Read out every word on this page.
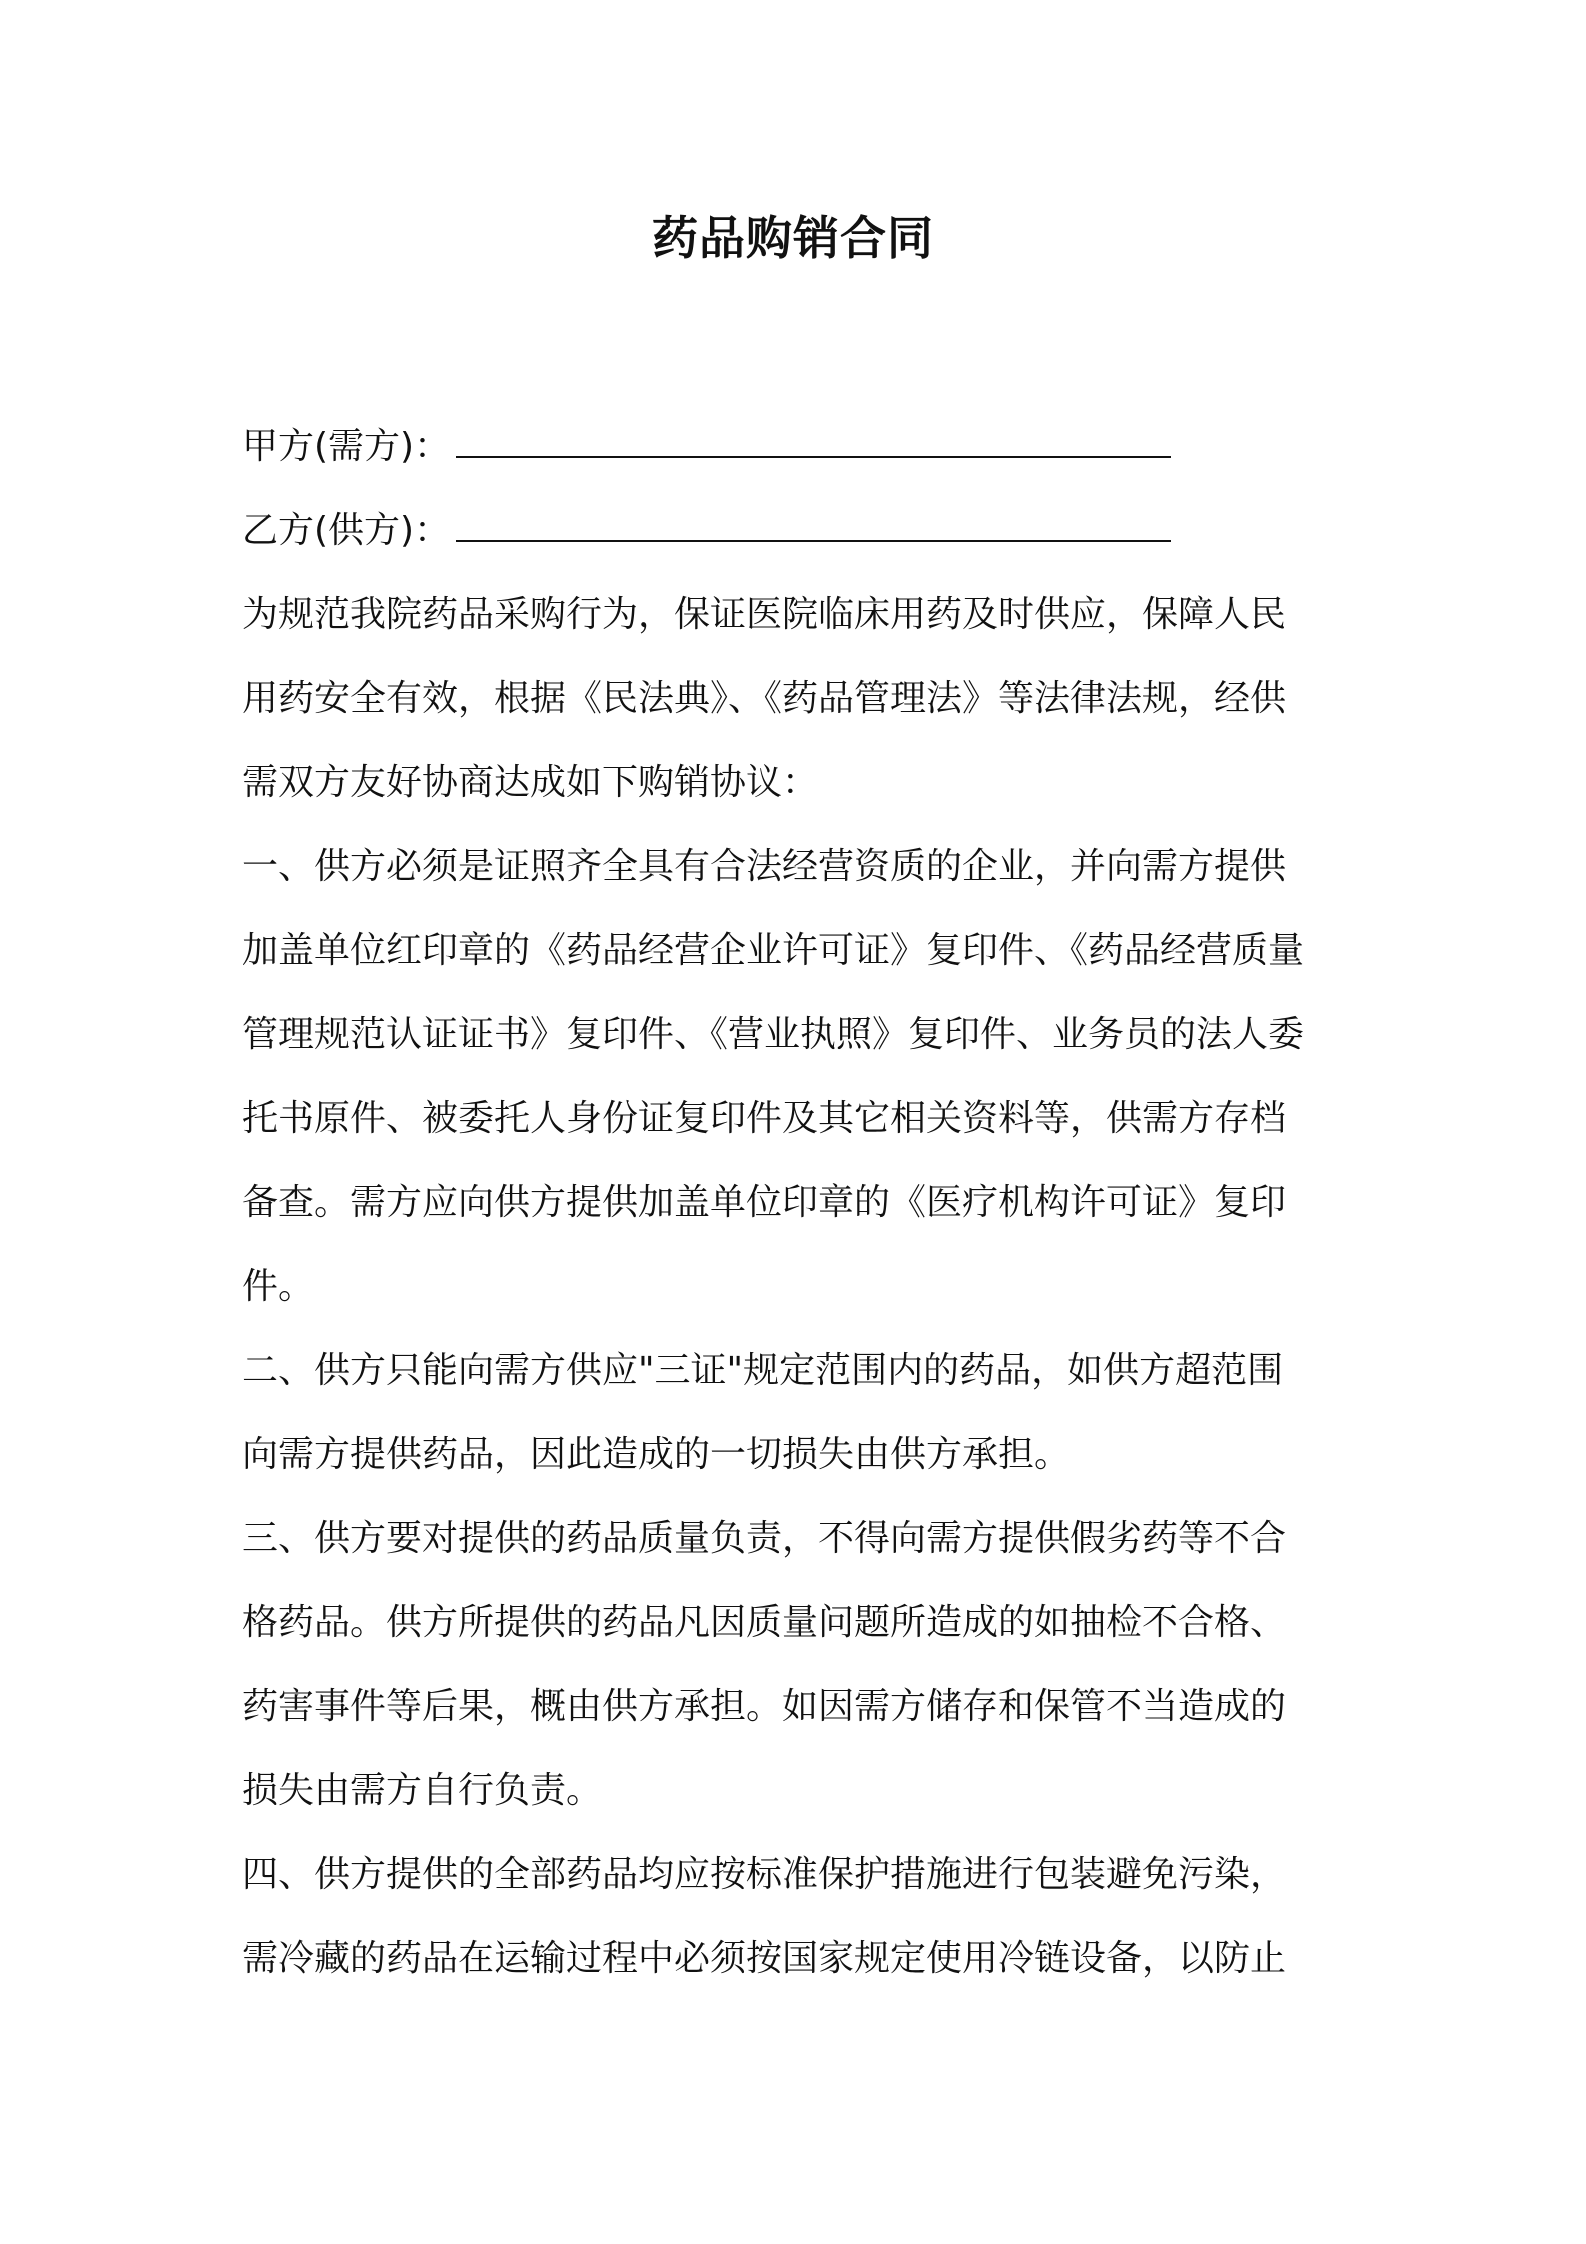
药品购销合同
甲方(需方)：
乙方(供方)：
为规范我院药品采购行为，保证医院临床用药及时供应，保障人民
用药安全有效，根据《民法典》、《药品管理法》等法律法规，经供
需双方友好协商达成如下购销协议：
一、供方必须是证照齐全具有合法经营资质的企业，并向需方提供
加盖单位红印章的《药品经营企业许可证》复印件、《药品经营质量
管理规范认证证书》复印件、《营业执照》复印件、业务员的法人委
托书原件、被委托人身份证复印件及其它相关资料等，供需方存档
备查。需方应向供方提供加盖单位印章的《医疗机构许可证》复印
件。
二、供方只能向需方供应"三证"规定范围内的药品，如供方超范围
向需方提供药品，因此造成的一切损失由供方承担。
三、供方要对提供的药品质量负责，不得向需方提供假劣药等不合
格药品。供方所提供的药品凡因质量问题所造成的如抽检不合格、
药害事件等后果，概由供方承担。如因需方储存和保管不当造成的
损失由需方自行负责。
四、供方提供的全部药品均应按标准保护措施进行包装避免污染，
需冷藏的药品在运输过程中必须按国家规定使用冷链设备，以防止
